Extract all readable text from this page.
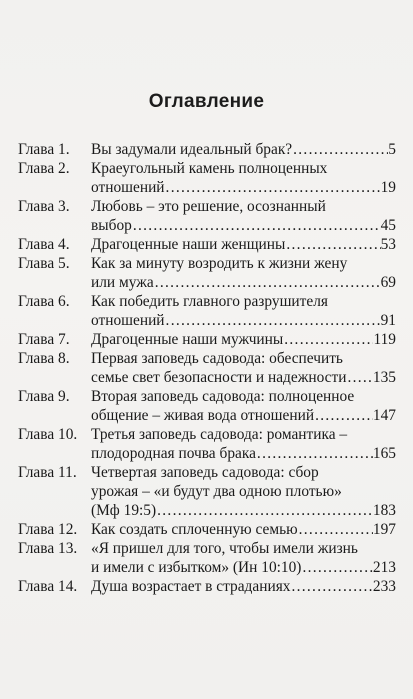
Оглавление
Глава 1. Вы задумали идеальный брак? .....	5
Глава 2. Краеугольный камень полноценных
отношений .....	19
Глава 3. Любовь – это решение, осознанный
выбор .....	45
Глава 4. Драгоценные наши женщины .....	53
Глава 5. Как за минуту возродить к жизни жену
или мужа .....	69
Глава 6. Как победить главного разрушителя
отношений .....	91
Глава 7. Драгоценные наши мужчины .....	119
Глава 8. Первая заповедь садовода: обеспечить
семье свет безопасности и надежности ..... 135
Глава 9. Вторая заповедь садовода: полноценное
общение – живая вода отношений .....	147
Глава 10. Третья заповедь садовода: романтика –
плодородная почва брака .....	165
Глава 11. Четвертая заповедь садовода: сбор
урожая – «и будут два одною плотью»
(Мф 19:5) .....	183
Глава 12. Как создать сплоченную семью .....	197
Глава 13. «Я пришел для того, чтобы имели жизнь
и имели с избытком» (Ин 10:10) .....	213
Глава 14. Душа возрастает в страданиях .....	233
